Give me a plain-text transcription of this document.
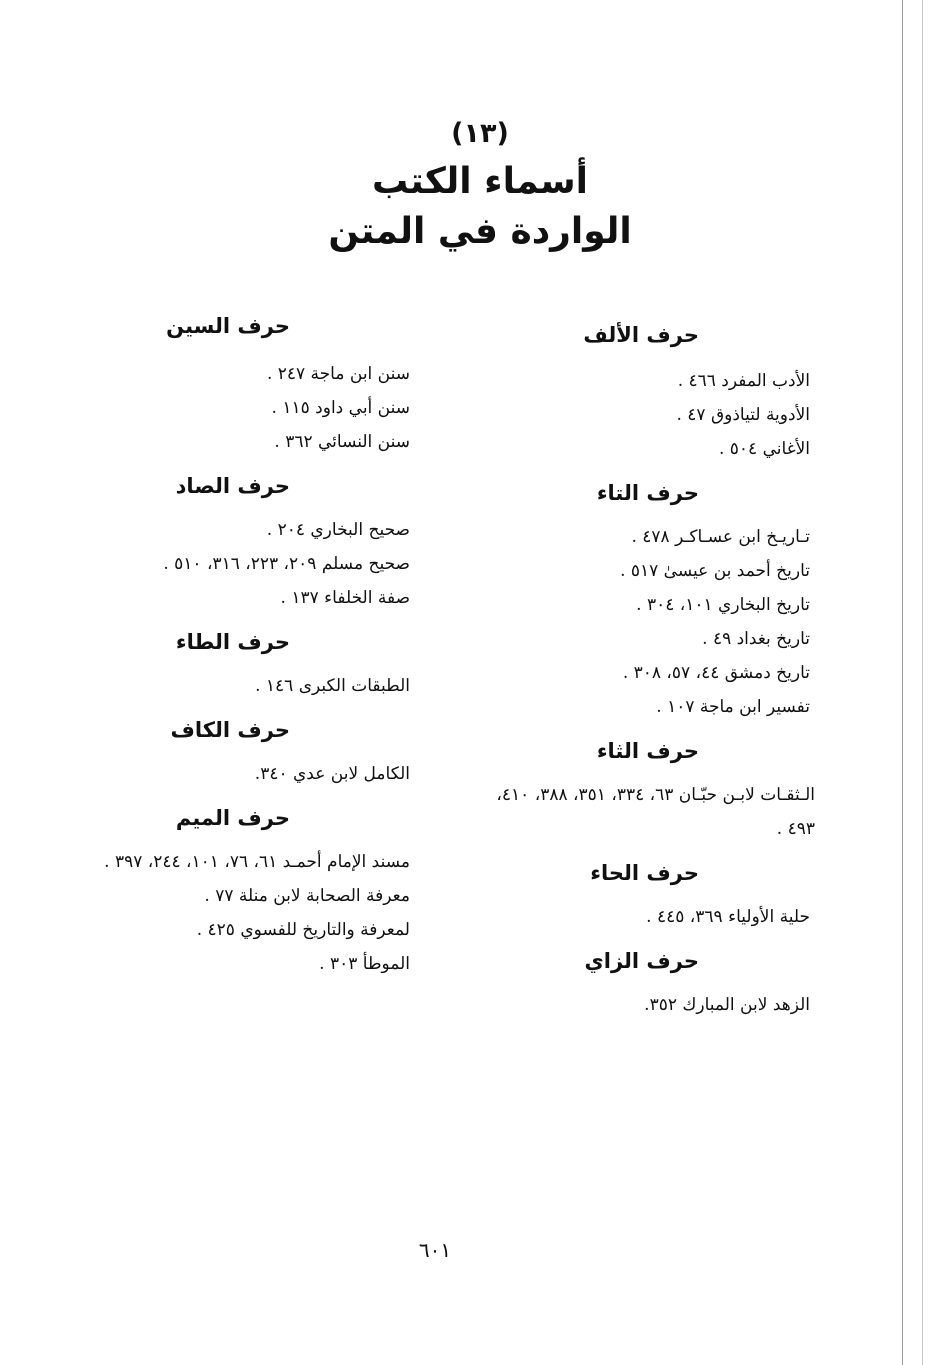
(١٣)
أسماء الكتب
الواردة في المتن
حرف الألف
الأدب المفرد ٤٦٦ .
الأدوية لتياذوق ٤٧ .
الأغاني ٥٠٤ .
حرف التاء
تـاريـخ ابن عسـاكـر ٤٧٨ .
تاريخ أحمد بن عيسىٰ ٥١٧ .
تاريخ البخاري ١٠١، ٣٠٤ .
تاريخ بغداد ٤٩ .
تاريخ دمشق ٤٤، ٥٧، ٣٠٨ .
تفسير ابن ماجة ١٠٧ .
حرف الثاء
الـثقـات لابـن حبّـان ٦٣، ٣٣٤، ٣٥١، ٣٨٨، ٤١٠، ٤٩٣ .
حرف الحاء
حلية الأولياء ٣٦٩، ٤٤٥ .
حرف الزاي
الزهد لابن المبارك ٣٥٢.
حرف السين
سنن ابن ماجة ٢٤٧ .
سنن أبي داود ١١٥ .
سنن النسائي ٣٦٢ .
حرف الصاد
صحيح البخاري ٢٠٤ .
صحيح مسلم ٢٠٩، ٢٢٣، ٣١٦، ٥١٠ .
صفة الخلفاء ١٣٧ .
حرف الطاء
الطبقات الكبرى ١٤٦ .
حرف الكاف
الكامل لابن عدي ٣٤٠.
حرف الميم
مسند الإمام أحمـد ٦١، ٧٦، ١٠١، ٢٤٤، ٣٩٧ .
معرفة الصحابة لابن منلة ٧٧ .
لمعرفة والتاريخ للفسوي ٤٢٥ .
الموطأ ٣٠٣ .
٦٠١
